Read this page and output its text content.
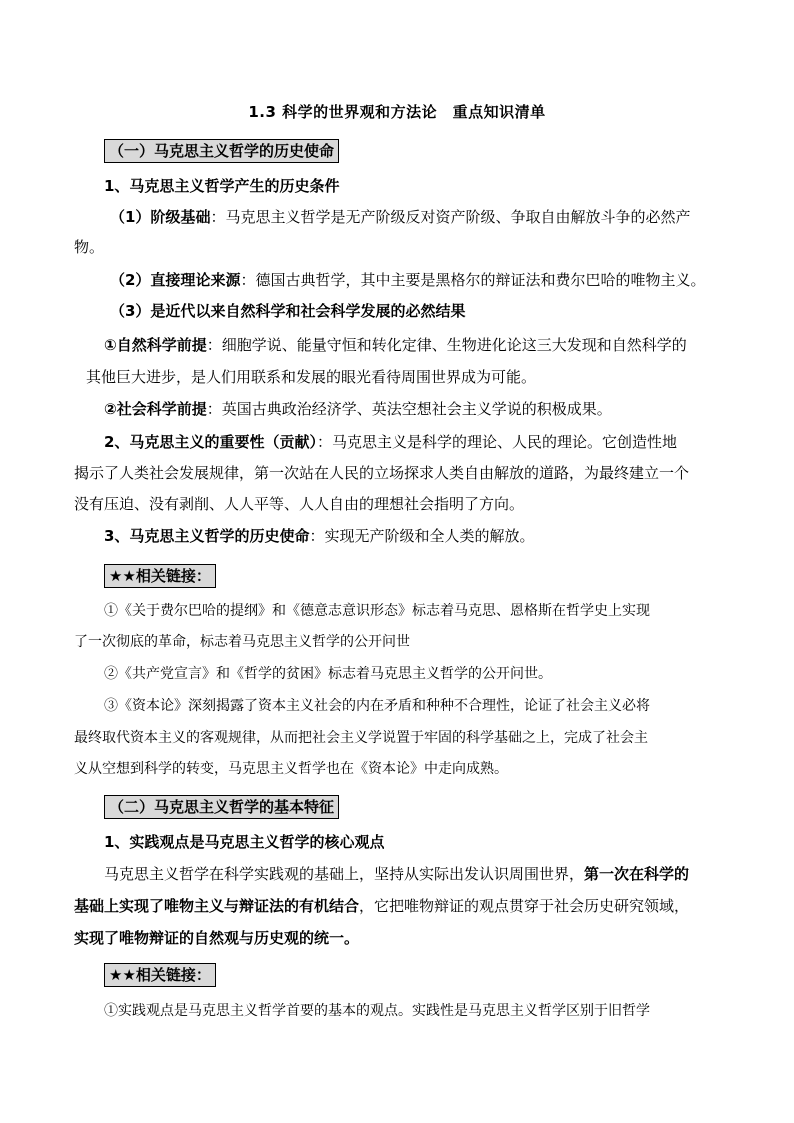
1.3 科学的世界观和方法论　重点知识清单
（一）马克思主义哲学的历史使命
1、马克思主义哲学产生的历史条件
（1）阶级基础：马克思主义哲学是无产阶级反对资产阶级、争取自由解放斗争的必然产
物。
（2）直接理论来源：德国古典哲学，其中主要是黑格尔的辩证法和费尔巴哈的唯物主义。
（3）是近代以来自然科学和社会科学发展的必然结果
①自然科学前提：细胞学说、能量守恒和转化定律、生物进化论这三大发现和自然科学的
其他巨大进步，是人们用联系和发展的眼光看待周围世界成为可能。
②社会科学前提：英国古典政治经济学、英法空想社会主义学说的积极成果。
2、马克思主义的重要性（贡献）：马克思主义是科学的理论、人民的理论。它创造性地
揭示了人类社会发展规律，第一次站在人民的立场探求人类自由解放的道路，为最终建立一个
没有压迫、没有剥削、人人平等、人人自由的理想社会指明了方向。
3、马克思主义哲学的历史使命：实现无产阶级和全人类的解放。
★★相关链接：
①《关于费尔巴哈的提纲》和《德意志意识形态》标志着马克思、恩格斯在哲学史上实现
了一次彻底的革命，标志着马克思主义哲学的公开问世
②《共产党宣言》和《哲学的贫困》标志着马克思主义哲学的公开问世。
③《资本论》深刻揭露了资本主义社会的内在矛盾和种种不合理性，论证了社会主义必将
最终取代资本主义的客观规律，从而把社会主义学说置于牢固的科学基础之上，完成了社会主
义从空想到科学的转变，马克思主义哲学也在《资本论》中走向成熟。
（二）马克思主义哲学的基本特征
1、实践观点是马克思主义哲学的核心观点
马克思主义哲学在科学实践观的基础上，坚持从实际出发认识周围世界，第一次在科学的
基础上实现了唯物主义与辩证法的有机结合，它把唯物辩证的观点贯穿于社会历史研究领域，
实现了唯物辩证的自然观与历史观的统一。
★★相关链接：
①实践观点是马克思主义哲学首要的基本的观点。实践性是马克思主义哲学区别于旧哲学
